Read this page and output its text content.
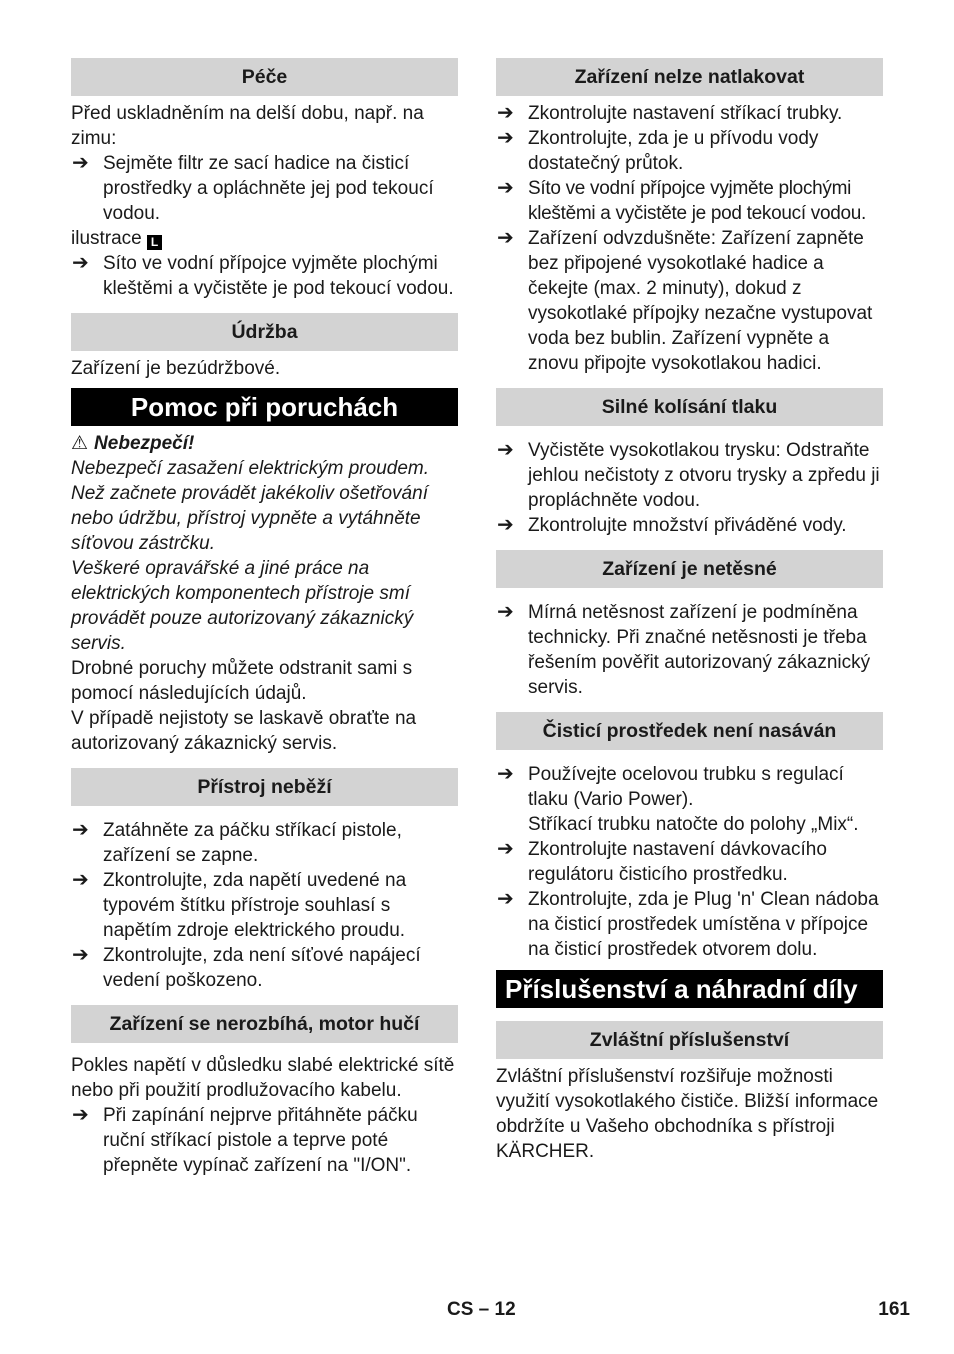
Péče

Před uskladněním na delší dobu, např. na zimu:

➔ Sejměte filtr ze sací hadice na čisticí prostředky a opláchněte jej pod tekoucí vodou.

ilustrace L

➔ Síto ve vodní přípojce vyjměte plochými kleštěmi a vyčistěte je pod tekoucí vodou.
Údržba

Zařízení je bezúdržbové.

Pomoc při poruchách

⚠ Nebezpečí!

Nebezpečí zasažení elektrickým proudem. Než začnete provádět jakékoliv ošetřování nebo údržbu, přístroj vypněte a vytáhněte síťovou zástrčku.

Veškeré opravářské a jiné práce na elektrických komponentech přístroje smí provádět pouze autorizovaný zákaznický servis.

Drobné poruchy můžete odstranit sami s pomocí následujících údajů.

V případě nejistoty se laskavě obraťte na autorizovaný zákaznický servis.

Přístroj neběží
➔ Zatáhněte za páčku stříkací pistole, zařízení se zapne.
➔ Zkontrolujte, zda napětí uvedené na typovém štítku přístroje souhlasí s napětím zdroje elektrického proudu.
➔ Zkontrolujte, zda není síťové napájecí vedení poškozeno.
Zařízení se nerozbíhá, motor hučí

Pokles napětí v důsledku slabé elektrické sítě nebo při použití prodlužovacího kabelu.

➔ Při zapínání nejprve přitáhněte páčku ruční stříkací pistole a teprve poté přepněte vypínač zařízení na "I/ON".
Zařízení nelze natlakovat
➔ Zkontrolujte nastavení stříkací trubky.
➔ Zkontrolujte, zda je u přívodu vody dostatečný průtok.
➔ Síto ve vodní přípojce vyjměte plochými kleštěmi a vyčistěte je pod tekoucí vodou.
➔ Zařízení odvzdušněte: Zařízení zapněte bez připojené vysokotlaké hadice a čekejte (max. 2 minuty), dokud z vysokotlaké přípojky nezačne vystupovat voda bez bublin. Zařízení vypněte a znovu připojte vysokotlakou hadici.
Silné kolísání tlaku
➔ Vyčistěte vysokotlakou trysku: Odstraňte jehlou nečistoty z otvoru trysky a zpředu ji propláchněte vodou.
➔ Zkontrolujte množství přiváděné vody.
Zařízení je netěsné
➔ Mírná netěsnost zařízení je podmíněna technicky. Při značné netěsnosti je třeba řešením pověřit autorizovaný zákaznický servis.
Čisticí prostředek není nasáván
➔ Používejte ocelovou trubku s regulací tlaku (Vario Power).

Stříkací trubku natočte do polohy „Mix“.

➔ Zkontrolujte nastavení dávkovacího regulátoru čisticího prostředku.
➔ Zkontrolujte, zda je Plug 'n' Clean nádoba na čisticí prostředek umístěna v přípojce na čisticí prostředek otvorem dolu.
Příslušenství a náhradní díly
Zvláštní příslušenství

Zvláštní příslušenství rozšiřuje možnosti využití vysokotlakého čističe. Bližší informace obdržíte u Vašeho obchodníka s přístroji KÄRCHER.

CS – 12	161
